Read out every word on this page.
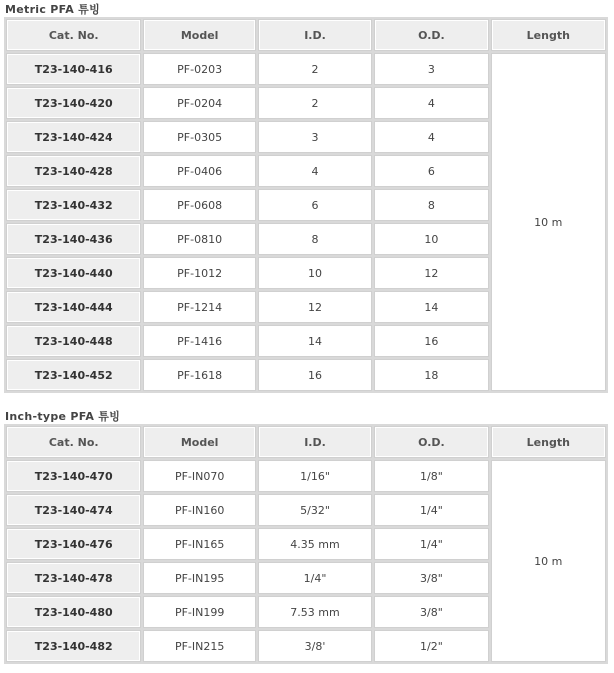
Metric PFA 튜빙
Cat. No.	Model	I.D.	O.D.	Length
T23-140-416	PF-0203	2	3	10 m
T23-140-420	PF-0204	2	4	
T23-140-424	PF-0305	3	4	
T23-140-428	PF-0406	4	6	
T23-140-432	PF-0608	6	8	
T23-140-436	PF-0810	8	10	
T23-140-440	PF-1012	10	12	
T23-140-444	PF-1214	12	14	
T23-140-448	PF-1416	14	16	
T23-140-452	PF-1618	16	18	
Inch-type PFA 튜빙
Cat. No.	Model	I.D.	O.D.	Length
T23-140-470	PF-IN070	1/16"	1/8"	10 m
T23-140-474	PF-IN160	5/32"	1/4"	
T23-140-476	PF-IN165	4.35 mm	1/4"	
T23-140-478	PF-IN195	1/4"	3/8"	
T23-140-480	PF-IN199	7.53 mm	3/8"	
T23-140-482	PF-IN215	3/8'	1/2"	
